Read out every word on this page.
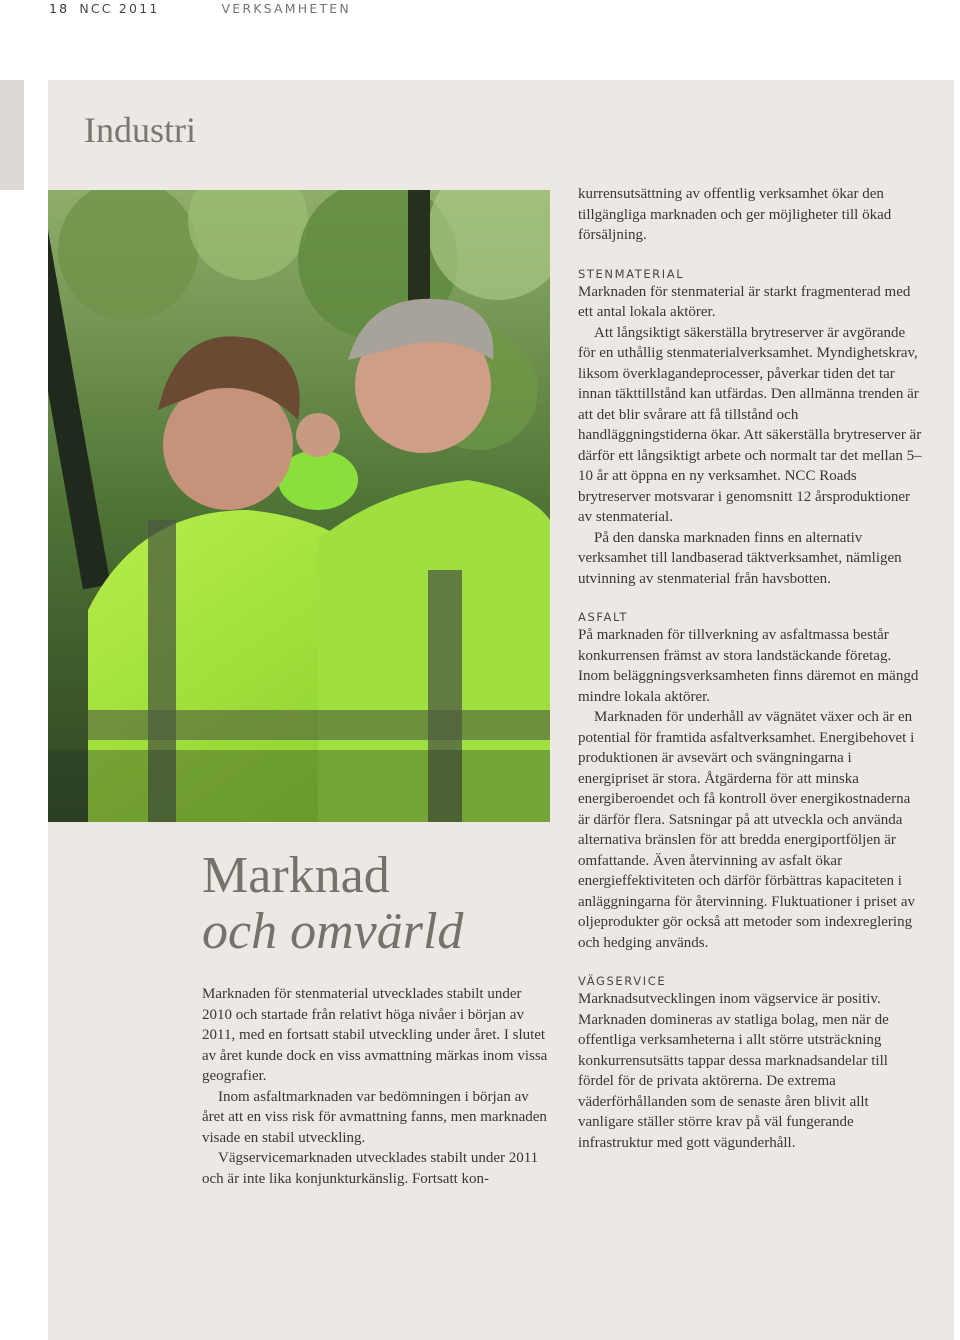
18 NCC 2011	VERKSAMHETEN
Industri
Marknad
och omvärld

Marknaden för stenmaterial utvecklades stabilt under 2010 och startade från relativt höga nivåer i början av 2011, med en fortsatt stabil utveckling under året. I slutet av året kunde dock en viss avmattning märkas inom vissa geografier.

Inom asfaltmarknaden var bedömningen i början av året att en viss risk för avmattning fanns, men marknaden visade en stabil utveckling.

Vägservicemarknaden utvecklades stabilt under 2011 och är inte lika konjunkturkänslig. Fortsatt kon-

kurrensutsättning av offentlig verksamhet ökar den tillgängliga marknaden och ger möjligheter till ökad försäljning.

STENMATERIAL

Marknaden för stenmaterial är starkt fragmenterad med ett antal lokala aktörer.

Att långsiktigt säkerställa brytreserver är avgörande för en uthållig stenmaterialverksamhet. Myndighetskrav, liksom överklagandeprocesser, påverkar tiden det tar innan täkttillstånd kan utfärdas. Den allmänna trenden är att det blir svårare att få tillstånd och handläggningstiderna ökar. Att säkerställa brytreserver är därför ett långsiktigt arbete och normalt tar det mellan 5–10 år att öppna en ny verksamhet. NCC Roads brytreserver motsvarar i genomsnitt 12 årsproduktioner av stenmaterial.

På den danska marknaden finns en alternativ verksamhet till landbaserad täktverksamhet, nämligen utvinning av stenmaterial från havsbotten.

ASFALT

På marknaden för tillverkning av asfaltmassa består konkurrensen främst av stora landstäckande företag. Inom beläggningsverksamheten finns däremot en mängd mindre lokala aktörer.

Marknaden för underhåll av vägnätet växer och är en potential för framtida asfaltverksamhet. Energibehovet i produktionen är avsevärt och svängningarna i energipriset är stora. Åtgärderna för att minska energiberoendet och få kontroll över energikostnaderna är därför flera. Satsningar på att utveckla och använda alternativa bränslen för att bredda energiportföljen är omfattande. Även återvinning av asfalt ökar energieffektiviteten och därför förbättras kapaciteten i anläggningarna för återvinning. Fluktuationer i priset av oljeprodukter gör också att metoder som indexreglering och hedging används.

VÄGSERVICE

Marknadsutvecklingen inom vägservice är positiv. Marknaden domineras av statliga bolag, men när de offentliga verksamheterna i allt större utsträckning konkurrensutsätts tappar dessa marknadsandelar till fördel för de privata aktörerna. De extrema väderförhållanden som de senaste åren blivit allt vanligare ställer större krav på väl fungerande infrastruktur med gott vägunderhåll.
